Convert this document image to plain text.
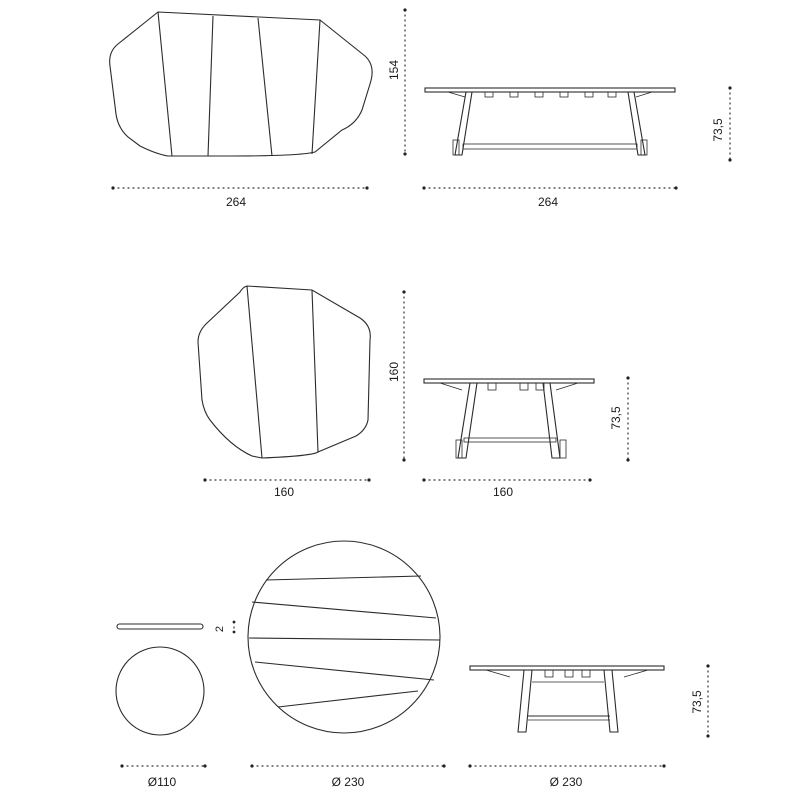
154
264
73,5
264
160
160
73,5
160
2
Ø110	Ø 230
73,5
Ø 230
